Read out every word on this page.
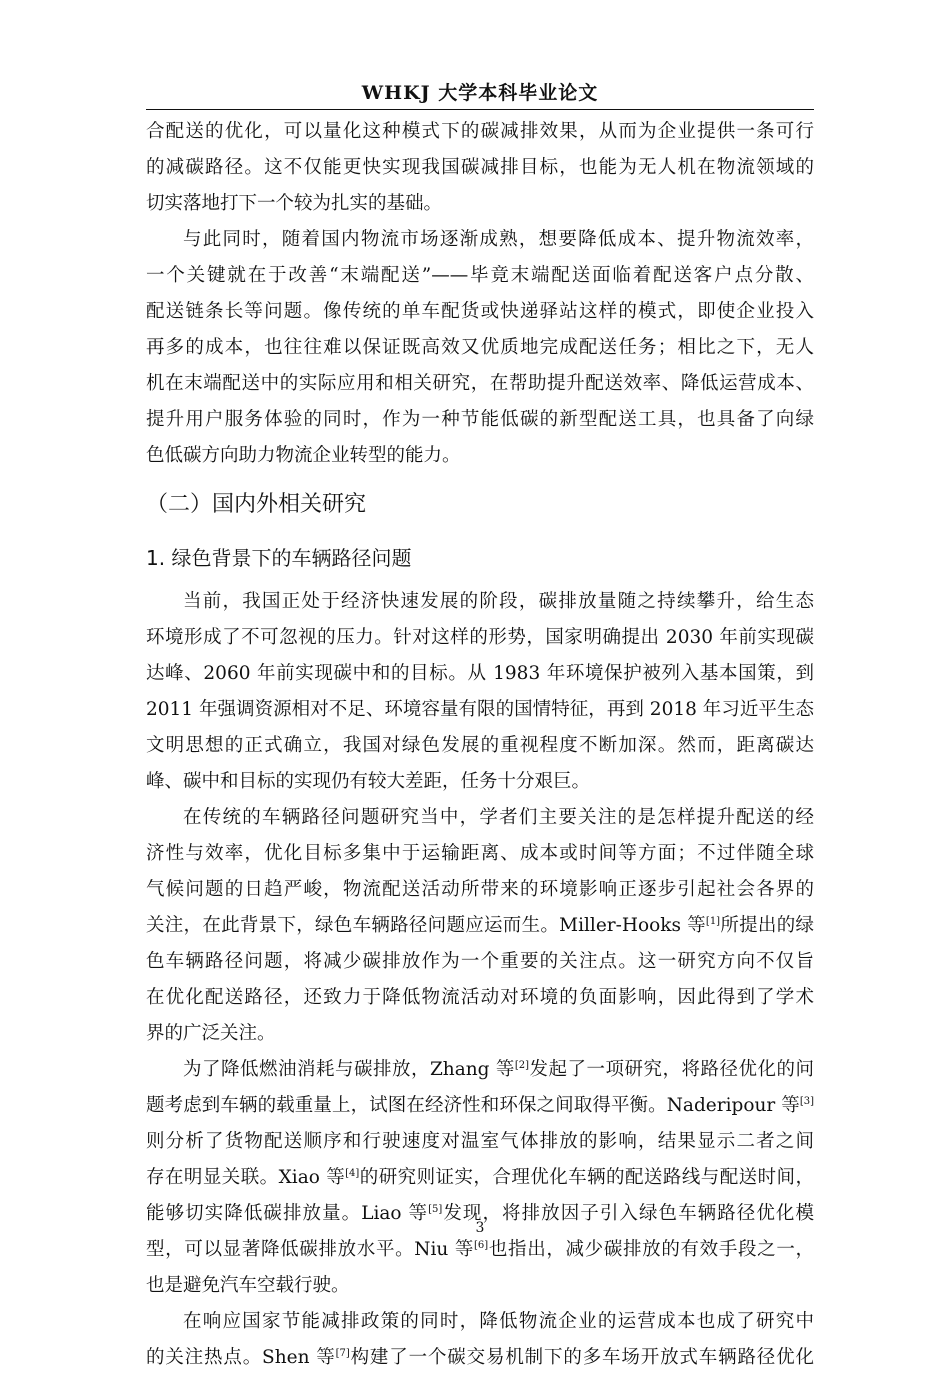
WHKJ 大学本科毕业论文
合配送的优化，可以量化这种模式下的碳减排效果，从而为企业提供一条可行
的减碳路径。这不仅能更快实现我国碳减排目标，也能为无人机在物流领域的
切实落地打下一个较为扎实的基础。
与此同时，随着国内物流市场逐渐成熟，想要降低成本、提升物流效率，
一个关键就在于改善“末端配送”——毕竟末端配送面临着配送客户点分散、
配送链条长等问题。像传统的单车配货或快递驿站这样的模式，即使企业投入
再多的成本，也往往难以保证既高效又优质地完成配送任务；相比之下，无人
机在末端配送中的实际应用和相关研究，在帮助提升配送效率、降低运营成本、
提升用户服务体验的同时，作为一种节能低碳的新型配送工具，也具备了向绿
色低碳方向助力物流企业转型的能力。
（二）国内外相关研究
1. 绿色背景下的车辆路径问题
当前，我国正处于经济快速发展的阶段，碳排放量随之持续攀升，给生态
环境形成了不可忽视的压力。针对这样的形势，国家明确提出 2030 年前实现碳
达峰、2060 年前实现碳中和的目标。从 1983 年环境保护被列入基本国策，到
2011 年强调资源相对不足、环境容量有限的国情特征，再到 2018 年习近平生态
文明思想的正式确立，我国对绿色发展的重视程度不断加深。然而，距离碳达
峰、碳中和目标的实现仍有较大差距，任务十分艰巨。
在传统的车辆路径问题研究当中，学者们主要关注的是怎样提升配送的经
济性与效率，优化目标多集中于运输距离、成本或时间等方面；不过伴随全球
气候问题的日趋严峻，物流配送活动所带来的环境影响正逐步引起社会各界的
关注，在此背景下，绿色车辆路径问题应运而生。Miller-Hooks 等[1]所提出的绿
色车辆路径问题，将减少碳排放作为一个重要的关注点。这一研究方向不仅旨
在优化配送路径，还致力于降低物流活动对环境的负面影响，因此得到了学术
界的广泛关注。
为了降低燃油消耗与碳排放，Zhang 等[2]发起了一项研究，将路径优化的问
题考虑到车辆的载重量上，试图在经济性和环保之间取得平衡。Naderipour 等[3]
则分析了货物配送顺序和行驶速度对温室气体排放的影响，结果显示二者之间
存在明显关联。Xiao 等[4]的研究则证实，合理优化车辆的配送路线与配送时间，
能够切实降低碳排放量。Liao 等[5]发现，将排放因子引入绿色车辆路径优化模
型，可以显著降低碳排放水平。Niu 等[6]也指出，减少碳排放的有效手段之一，
也是避免汽车空载行驶。
在响应国家节能减排政策的同时，降低物流企业的运营成本也成了研究中
的关注热点。Shen 等[7]构建了一个碳交易机制下的多车场开放式车辆路径优化
3
